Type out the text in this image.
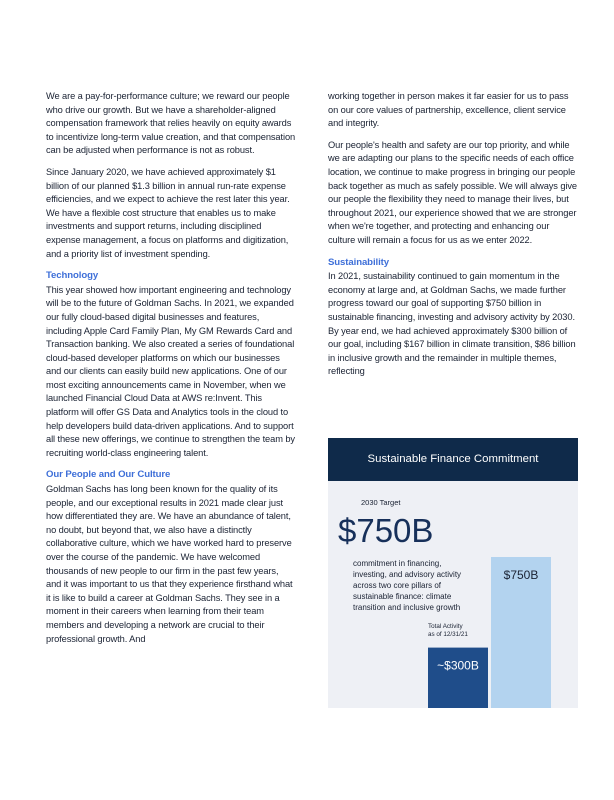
We are a pay-for-performance culture; we reward our people who drive our growth. But we have a shareholder-aligned compensation framework that relies heavily on equity awards to incentivize long-term value creation, and that compensation can be adjusted when performance is not as robust.

Since January 2020, we have achieved approximately $1 billion of our planned $1.3 billion in annual run-rate expense efficiencies, and we expect to achieve the rest later this year. We have a flexible cost structure that enables us to make investments and support returns, including disciplined expense management, a focus on platforms and digitization, and a priority list of investment spending.

Technology

This year showed how important engineering and technology will be to the future of Goldman Sachs. In 2021, we expanded our fully cloud-based digital businesses and features, including Apple Card Family Plan, My GM Rewards Card and Transaction banking. We also created a series of foundational cloud-based developer platforms on which our businesses and our clients can easily build new applications. One of our most exciting announcements came in November, when we launched Financial Cloud Data at AWS re:Invent. This platform will offer GS Data and Analytics tools in the cloud to help developers build data-driven applications. And to support all these new offerings, we continue to strengthen the team by recruiting world-class engineering talent.

Our People and Our Culture

Goldman Sachs has long been known for the quality of its people, and our exceptional results in 2021 made clear just how differentiated they are. We have an abundance of talent, no doubt, but beyond that, we also have a distinctly collaborative culture, which we have worked hard to preserve over the course of the pandemic. We have welcomed thousands of new people to our firm in the past few years, and it was important to us that they experience firsthand what it is like to build a career at Goldman Sachs. They see in a moment in their careers when learning from their team members and developing a network are crucial to their professional growth. And

working together in person makes it far easier for us to pass on our core values of partnership, excellence, client service and integrity.

Our people's health and safety are our top priority, and while we are adapting our plans to the specific needs of each office location, we continue to make progress in bringing our people back together as much as safely possible. We will always give our people the flexibility they need to manage their lives, but throughout 2021, our experience showed that we are stronger when we're together, and protecting and enhancing our culture will remain a focus for us as we enter 2022.

Sustainability

In 2021, sustainability continued to gain momentum in the economy at large and, at Goldman Sachs, we made further progress toward our goal of supporting $750 billion in sustainable financing, investing and advisory activity by 2030. By year end, we had achieved approximately $300 billion of our goal, including $167 billion in climate transition, $86 billion in inclusive growth and the remainder in multiple themes, reflecting

Sustainable Finance Commitment
2030 Target
$750B
commitment in financing, investing, and advisory activity across two core pillars of sustainable finance: climate transition and inclusive growth
~$300B
$750B
Total Activity as of 12/31/21
